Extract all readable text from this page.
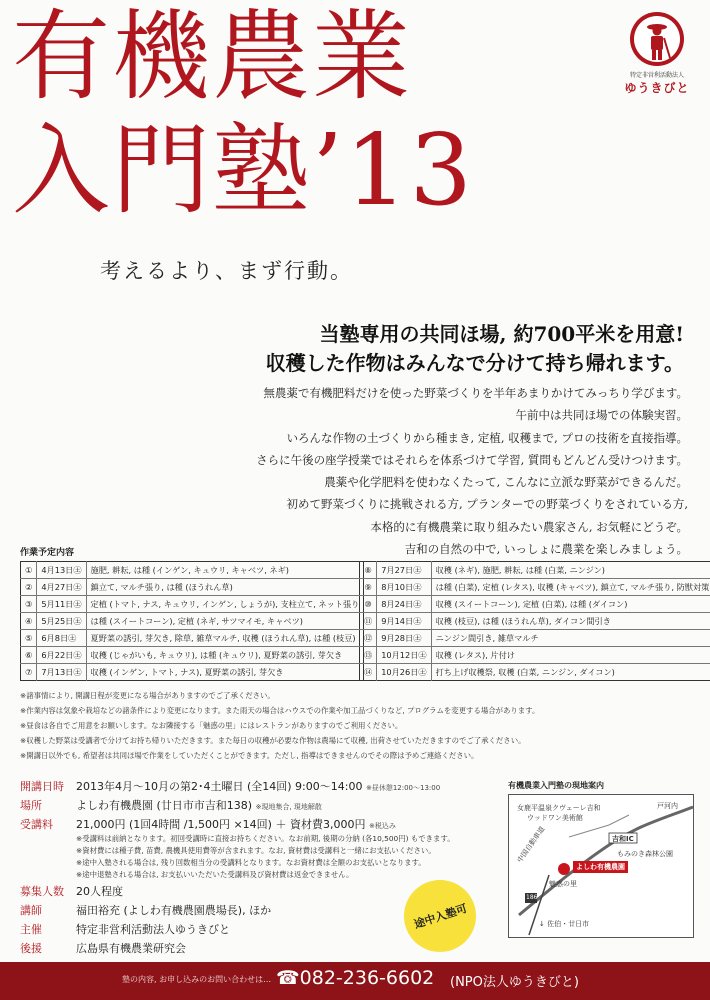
有機農業
入門塾’13
考えるより、まず行動。
特定非営利活動法人
ゆうきびと
当塾専用の共同ほ場, 約700平米を用意!
収穫した作物はみんなで分けて持ち帰れます。
無農薬で有機肥料だけを使った野菜づくりを半年あまりかけてみっちり学びます。
午前中は共同ほ場での体験実習。
いろんな作物の土づくりから種まき, 定植, 収穫まで, プロの技術を直接指導。
さらに午後の座学授業ではそれらを体系づけて学習, 質問もどんどん受けつけます。
農薬や化学肥料を使わなくたって, こんなに立派な野菜ができるんだ。
初めて野菜づくりに挑戦される方, プランターでの野菜づくりをされている方,
本格的に有機農業に取り組みたい農家さん, お気軽にどうぞ。
吉和の自然の中で, いっしょに農業を楽しみましょう。
作業予定内容
①	4月13日㊏	施肥, 耕耘, は種 (インゲン, キュウリ, キャベツ, ネギ)
②	4月27日㊏	鎮立て, マルチ張り, は種 (ほうれん草)
③	5月11日㊏	定植 (トマト, ナス, キュウリ, インゲン, しょうが), 支柱立て, ネット張り
④	5月25日㊏	は種 (スイートコーン), 定植 (ネギ, サツマイモ, キャベツ)
⑤	6月8日㊏	夏野菜の誘引, 芽欠き, 除草, 雑草マルチ, 収穫 (ほうれん草), は種 (枝豆)
⑥	6月22日㊏	収穫 (じゃがいも, キュウリ), は種 (キュウリ), 夏野菜の誘引, 芽欠き
⑦	7月13日㊏	収穫 (インゲン, トマト, ナス), 夏野菜の誘引, 芽欠き
⑧	7月27日㊏	収穫 (ネギ), 施肥, 耕耘, は種 (白菜, ニンジン)
⑨	8月10日㊏	は種 (白菜), 定植 (レタス), 収穫 (キャベツ), 鎮立て, マルチ張り, 防獣対策
⑩	8月24日㊏	収穫 (スイートコーン), 定植 (白菜), は種 (ダイコン)
⑪	9月14日㊏	収穫 (枝豆), は種 (ほうれん草), ダイコン間引き
⑫	9月28日㊏	ニンジン間引き, 雑草マルチ
⑬	10月12日㊏	収穫 (レタス), 片付け
⑭	10月26日㊏	打ち上げ収穫祭, 収穫 (白菜, ニンジン, ダイコン)
※諸事情により, 開講日程が変更になる場合がありますのでご了承ください。
※作業内容は気象や栽培などの諸条件により変更になります。また雨天の場合はハウスでの作業や加工品づくりなど, プログラムを変更する場合があります。
※昼食は各自でご用意をお願いします。なお隣接する「魅惑の里」にはレストランがありますのでご利用ください。
※収穫した野菜は受講者で分けてお持ち帰りいただきます。また毎日の収穫が必要な作物は農場にて収穫, 出荷させていただきますのでご了承ください。
※開講日以外でも, 希望者は共同ほ場で作業をしていただくことができます。ただし, 指導はできませんのでその際は予めご連絡ください。
開講日時 2013年4月～10月の第2･4土曜日 (全14回) 9:00～14:00 ※昼休憩12:00～13:00
場所	よしわ有機農園 (廿日市市吉和138) ※現地集合, 現地解散
受講料 21,000円 (1回4時間 /1,500円 ×14回) ＋ 資材費3,000円 ※税込み
※受講料は前納となります。初回受講時に直接お持ちください。なお前期, 後期の分納 (各10,500円) もできます。
※資材費には種子費, 苗費, 農機具使用費等が含まれます。なお, 資材費は受講料と一緒にお支払いください。
※途中入塾される場合は, 残り回数相当分の受講料となります。なお資材費は全額のお支払いとなります。
※途中退塾される場合は, お支払いいただいた受講料及び資材費は返金できません。
募集人数 20人程度
講師	福田裕充 (よしわ有機農園農場長), ほか
主催	特定非営利活動法人ゆうきびと
後援	広島県有機農業研究会
途中入塾可
有機農業入門塾の現地案内
女鹿平温泉クヴェーレ吉和
ウッドワン美術館
戸河内
吉和IC
もみのき森林公園
中国自動車道
よしわ有機農園
魅惑の里
186
↓ 佐伯・廿日市
塾の内容, お申し込みのお問い合わせは… ☎082-236-6602 (NPO法人ゆうきびと)
